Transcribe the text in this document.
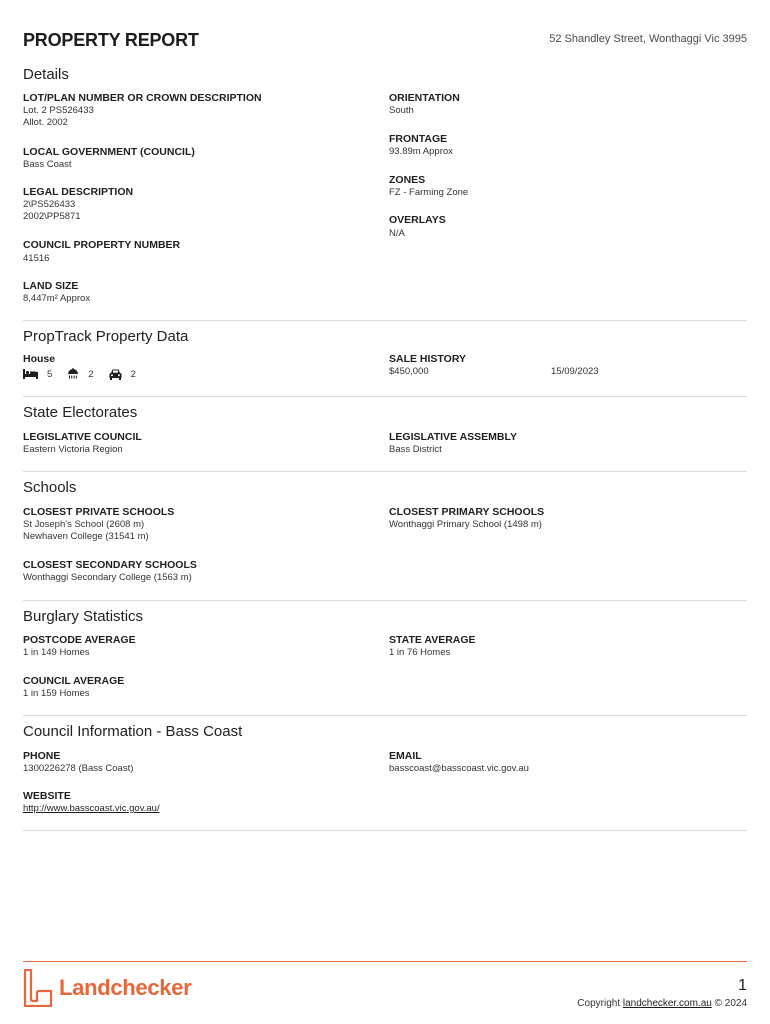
PROPERTY REPORT	52 Shandley Street, Wonthaggi Vic 3995
Details
LOT/PLAN NUMBER OR CROWN DESCRIPTION
Lot. 2 PS526433
Allot. 2002
LOCAL GOVERNMENT (COUNCIL)
Bass Coast
LEGAL DESCRIPTION
2\PS526433
2002\PP5871
COUNCIL PROPERTY NUMBER
41516
LAND SIZE
8,447m² Approx
ORIENTATION
South
FRONTAGE
93.89m Approx
ZONES
FZ - Farming Zone
OVERLAYS
N/A
PropTrack Property Data
House
5	2	2
SALE HISTORY
$450,000	15/09/2023
State Electorates
LEGISLATIVE COUNCIL
Eastern Victoria Region
LEGISLATIVE ASSEMBLY
Bass District
Schools
CLOSEST PRIVATE SCHOOLS
St Joseph's School (2608 m)
Newhaven College (31541 m)
CLOSEST PRIMARY SCHOOLS
Wonthaggi Primary School (1498 m)
CLOSEST SECONDARY SCHOOLS
Wonthaggi Secondary College (1563 m)
Burglary Statistics
POSTCODE AVERAGE
1 in 149 Homes
STATE AVERAGE
1 in 76 Homes
COUNCIL AVERAGE
1 in 159 Homes
Council Information - Bass Coast
PHONE
1300226278 (Bass Coast)
EMAIL
basscoast@basscoast.vic.gov.au
WEBSITE
http://www.basscoast.vic.gov.au/
Landchecker	1
Copyright landchecker.com.au © 2024
